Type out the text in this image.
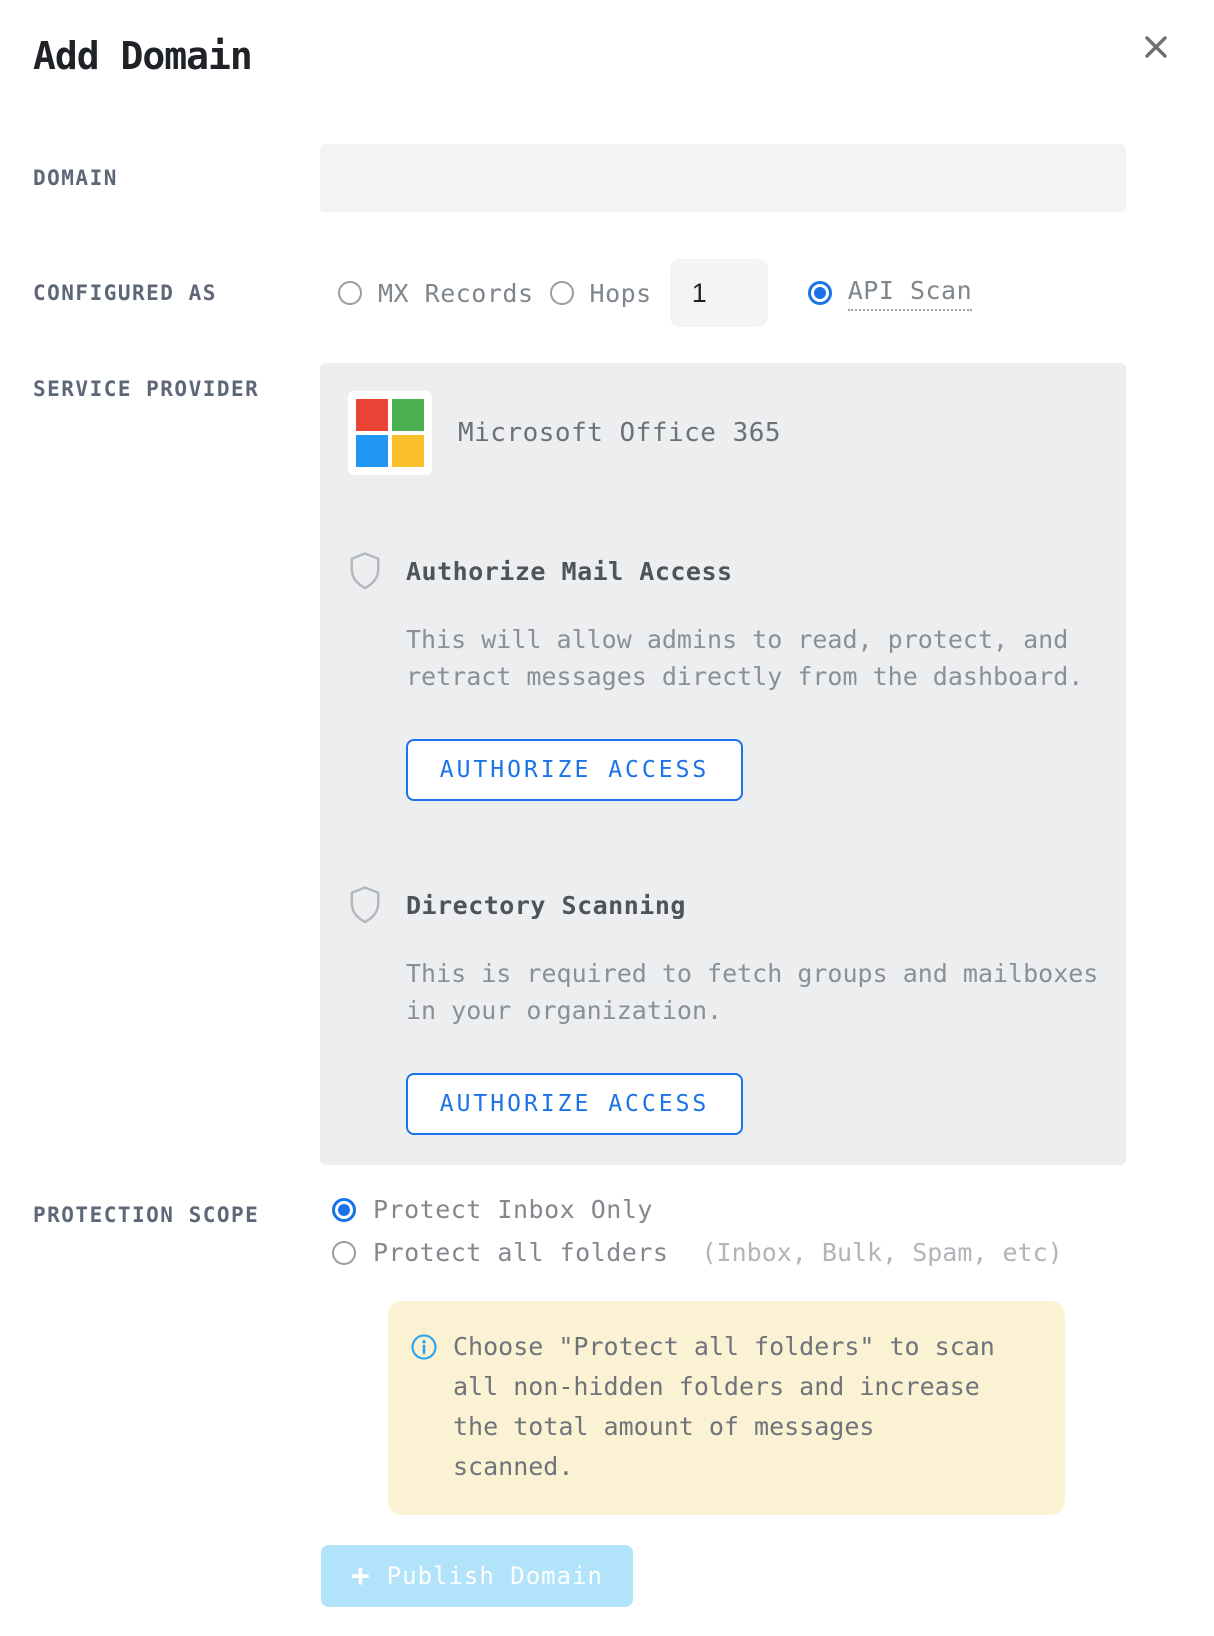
Add Domain
DOMAIN
CONFIGURED AS	MX Records Hops
1	API Scan
SERVICE PROVIDER
Microsoft Office 365
Authorize Mail Access
This will allow admins to read, protect, and
retract messages directly from the dashboard.
AUTHORIZE ACCESS
Directory Scanning
This is required to fetch groups and mailboxes
in your organization.
AUTHORIZE ACCESS
PROTECTION SCOPE	Protect Inbox Only
Protect all folders (Inbox, Bulk, Spam, etc)
Choose "Protect all folders" to scan
all non-hidden folders and increase
the total amount of messages
scanned.
+ Publish Domain
